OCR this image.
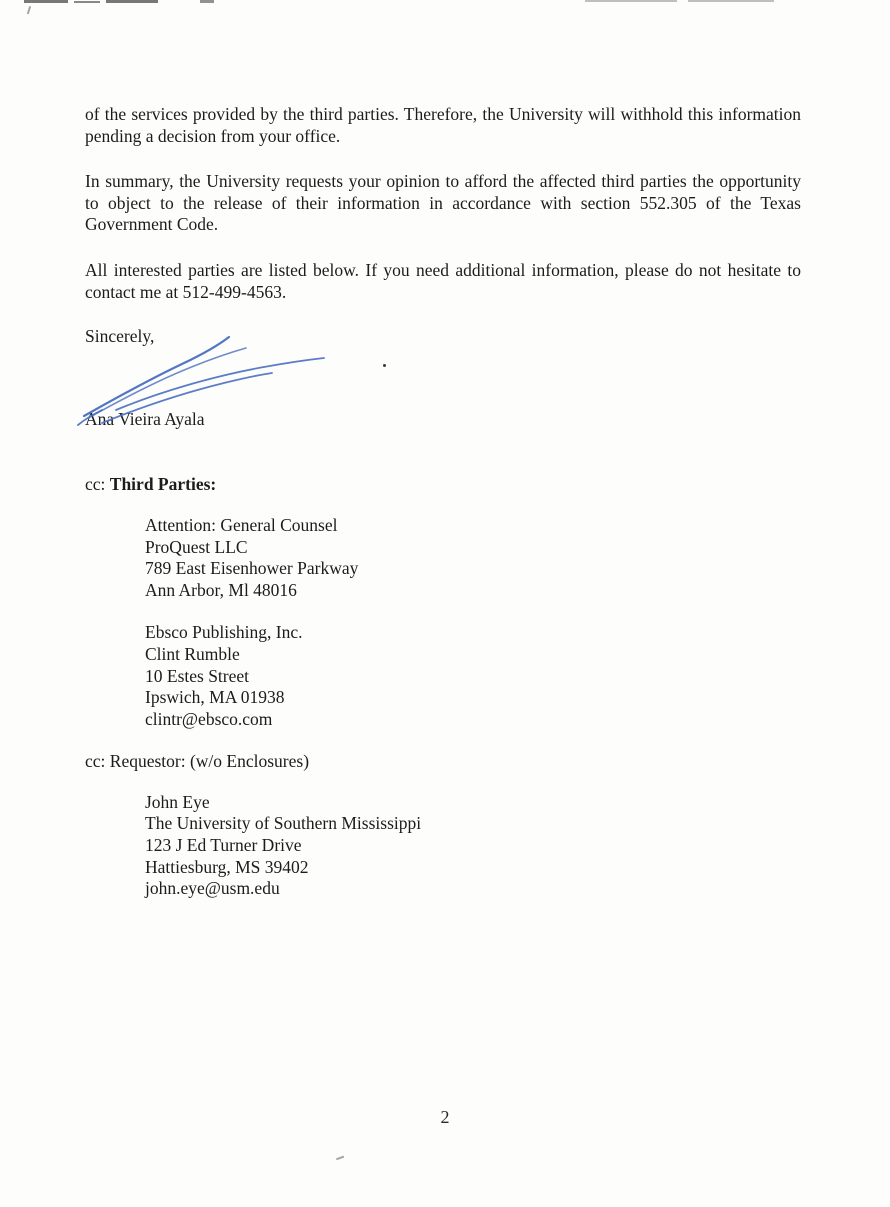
of the services provided by the third parties. Therefore, the University will withhold this information pending a decision from your office.

In summary, the University requests your opinion to afford the affected third parties the opportunity to object to the release of their information in accordance with section 552.305 of the Texas Government Code.

All interested parties are listed below. If you need additional information, please do not hesitate to contact me at 512-499-4563.

Sincerely,
Ana Vieira Ayala
cc: Third Parties:
Attention: General Counsel
ProQuest LLC
789 East Eisenhower Parkway
Ann Arbor, Ml 48016
Ebsco Publishing, Inc.
Clint Rumble
10 Estes Street
Ipswich, MA 01938
clintr@ebsco.com
cc: Requestor: (w/o Enclosures)
John Eye
The University of Southern Mississippi
123 J Ed Turner Drive
Hattiesburg, MS 39402
john.eye@usm.edu
2
